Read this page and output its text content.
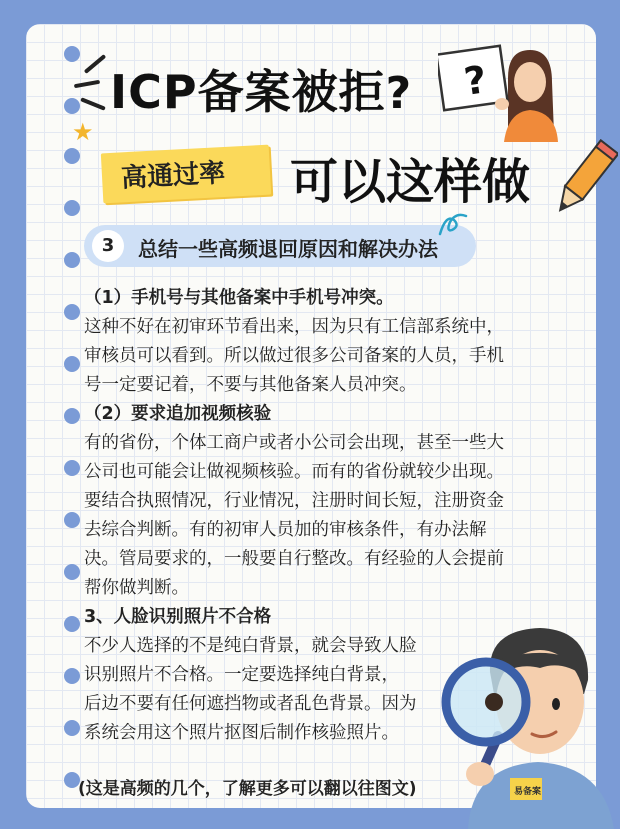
ICP备案被拒? ?
★
高通过率 可以这样做
3	总结一些高频退回原因和解决办法
（1）手机号与其他备案中手机号冲突。
这种不好在初审环节看出来，因为只有工信部系统中，
审核员可以看到。所以做过很多公司备案的人员，手机
号一定要记着，不要与其他备案人员冲突。
（2）要求追加视频核验
有的省份，个体工商户或者小公司会出现，甚至一些大
公司也可能会让做视频核验。而有的省份就较少出现。
要结合执照情况，行业情况，注册时间长短，注册资金
去综合判断。有的初审人员加的审核条件，有办法解
决。管局要求的，一般要自行整改。有经验的人会提前
帮你做判断。
3、人脸识别照片不合格
不少人选择的不是纯白背景，就会导致人脸
识别照片不合格。一定要选择纯白背景，
后边不要有任何遮挡物或者乱色背景。因为
系统会用这个照片抠图后制作核验照片。
易备案
(这是高频的几个，了解更多可以翻以往图文)
